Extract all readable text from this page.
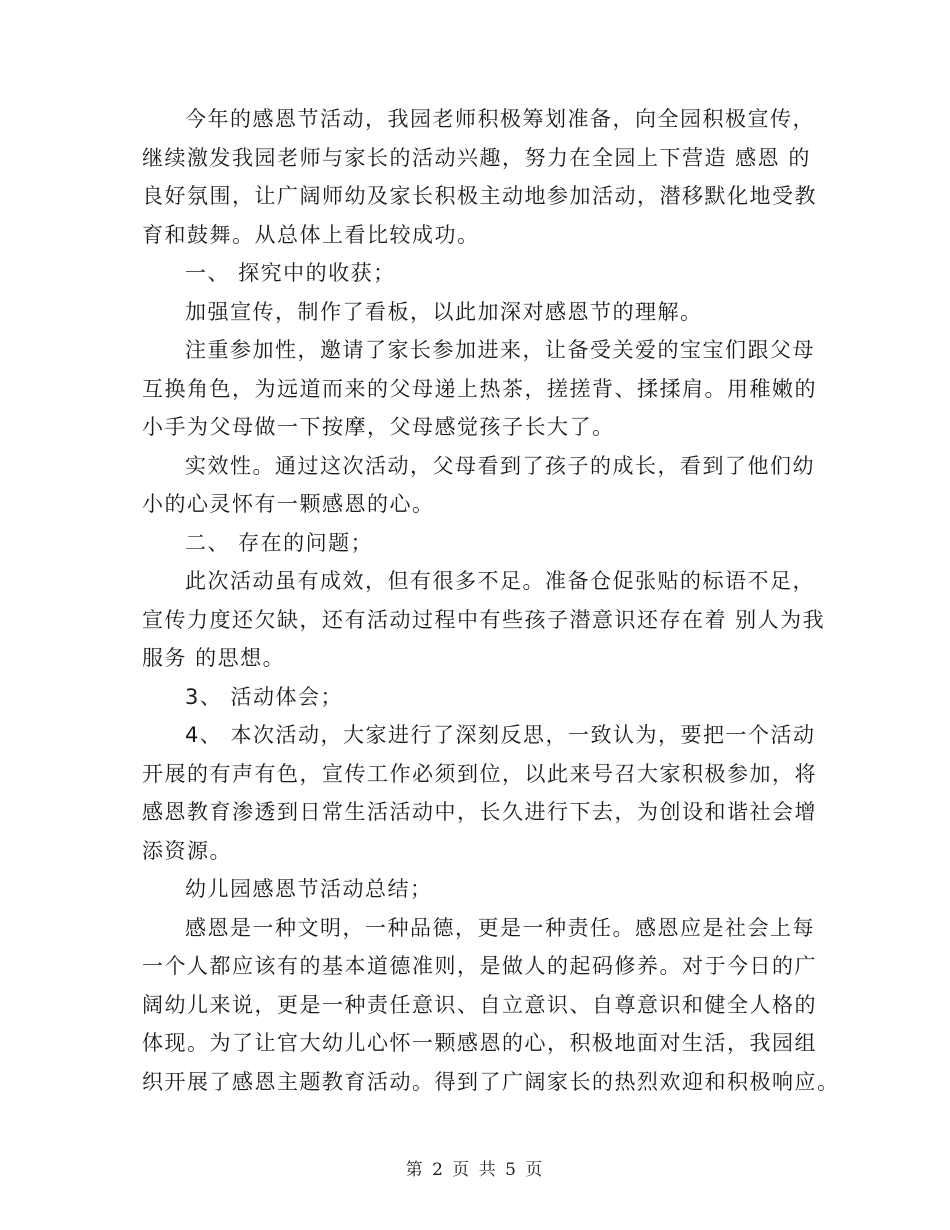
今年的感恩节活动，我园老师积极筹划准备，向全园积极宣传，
继续激发我园老师与家长的活动兴趣，努力在全园上下营造 感恩 的
良好氛围，让广阔师幼及家长积极主动地参加活动，潜移默化地受教
育和鼓舞。从总体上看比较成功。
一、 探究中的收获；
加强宣传，制作了看板，以此加深对感恩节的理解。
注重参加性，邀请了家长参加进来，让备受关爱的宝宝们跟父母
互换角色，为远道而来的父母递上热茶，搓搓背、揉揉肩。用稚嫩的
小手为父母做一下按摩，父母感觉孩子长大了。
实效性。通过这次活动，父母看到了孩子的成长，看到了他们幼
小的心灵怀有一颗感恩的心。
二、 存在的问题；
此次活动虽有成效，但有很多不足。准备仓促张贴的标语不足，
宣传力度还欠缺，还有活动过程中有些孩子潜意识还存在着 别人为我
服务 的思想。
3、 活动体会；
4、 本次活动，大家进行了深刻反思，一致认为，要把一个活动
开展的有声有色，宣传工作必须到位，以此来号召大家积极参加，将
感恩教育渗透到日常生活活动中，长久进行下去，为创设和谐社会增
添资源。
幼儿园感恩节活动总结；
感恩是一种文明，一种品德，更是一种责任。感恩应是社会上每
一个人都应该有的基本道德准则，是做人的起码修养。对于今日的广
阔幼儿来说，更是一种责任意识、自立意识、自尊意识和健全人格的
体现。为了让官大幼儿心怀一颗感恩的心，积极地面对生活，我园组
织开展了感恩主题教育活动。得到了广阔家长的热烈欢迎和积极响应。
第 2 页 共 5 页
